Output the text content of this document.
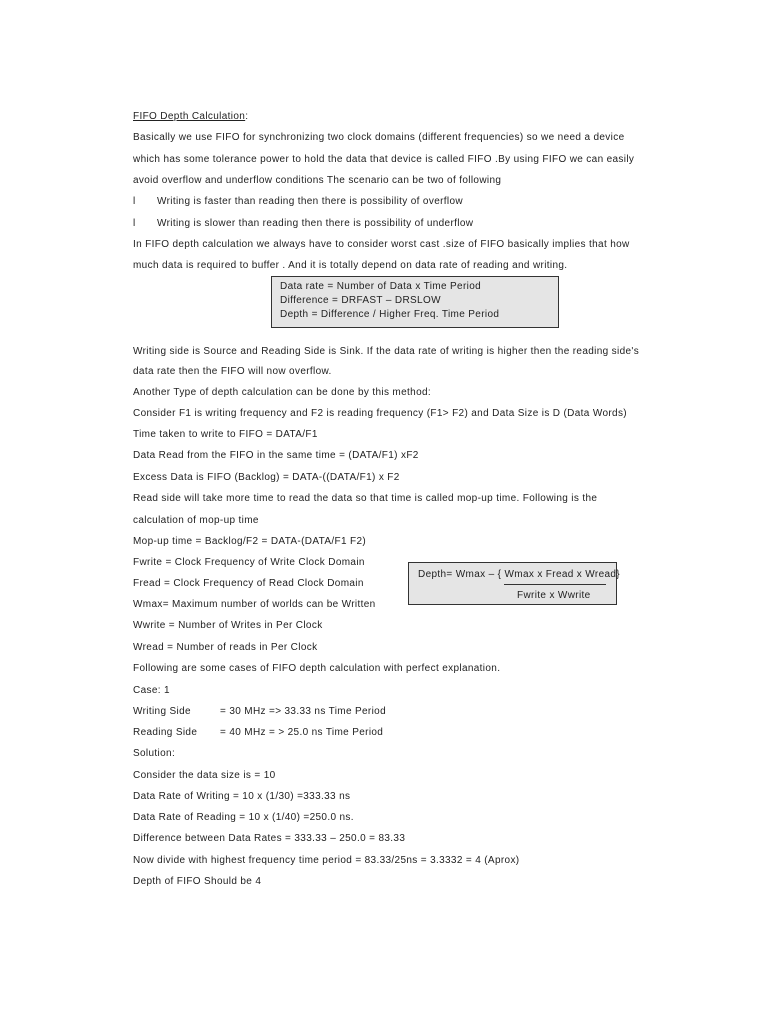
FIFO Depth Calculation:
Basically we use FIFO for synchronizing two clock domains (different frequencies) so we need a device
which has some tolerance power to hold the data that device is called FIFO .By using FIFO we can easily
avoid overflow and underflow conditions The scenario can be two of following
l	Writing is faster than reading then there is possibility of overflow
l	Writing is slower than reading then there is possibility of underflow
In FIFO depth calculation we always have to consider worst cast .size of FIFO basically implies that how
much data is required to buffer . And it is totally depend on data rate of reading and writing.
Data rate = Number of Data x Time Period
Difference = DRFAST – DRSLOW
Depth = Difference / Higher Freq. Time Period
Writing side is Source and Reading Side is Sink. If the data rate of writing is higher then the reading side's
data rate then the FIFO will now overflow.
Another Type of depth calculation can be done by this method:
Consider F1 is writing frequency and F2 is reading frequency (F1> F2) and Data Size is D (Data Words)
Time taken to write to FIFO = DATA/F1
Data Read from the FIFO in the same time = (DATA/F1) xF2
Excess Data is FIFO (Backlog) = DATA-((DATA/F1) x F2
Read side will take more time to read the data so that time is called mop-up time. Following is the
calculation of mop-up time
Mop-up time = Backlog/F2 = DATA-(DATA/F1 F2)
Fwrite = Clock Frequency of Write Clock Domain
Fread = Clock Frequency of Read Clock Domain
Wmax= Maximum number of worlds can be Written
Wwrite = Number of Writes in Per Clock
Wread = Number of reads in Per Clock
Following are some cases of FIFO depth calculation with perfect explanation.
Case: 1
Depth= Wmax – { Wmax x Fread x Wread}
Fwrite x Wwrite
Writing Side	= 30 MHz => 33.33 ns Time Period
Reading Side = 40 MHz = > 25.0 ns Time Period
Solution:
Consider the data size is = 10
Data Rate of Writing = 10 x (1/30) =333.33 ns
Data Rate of Reading = 10 x (1/40) =250.0 ns.
Difference between Data Rates = 333.33 – 250.0 = 83.33
Now divide with highest frequency time period = 83.33/25ns = 3.3332 = 4 (Aprox)
Depth of FIFO Should be 4
